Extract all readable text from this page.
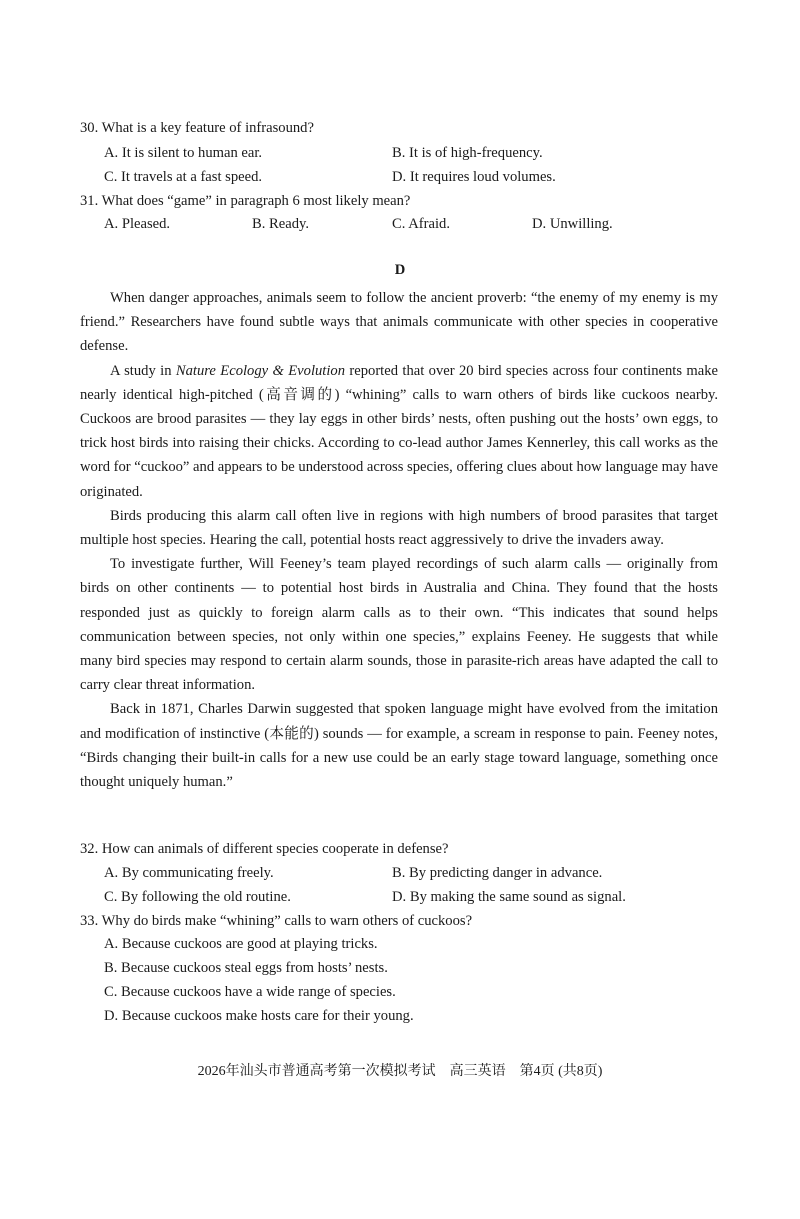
30. What is a key feature of infrasound?
A. It is silent to human ear.	B. It is of high-frequency.
C. It travels at a fast speed.	D. It requires loud volumes.
31. What does “game” in paragraph 6 most likely mean?
A. Pleased.	B. Ready.	C. Afraid.	D. Unwilling.
D

When danger approaches, animals seem to follow the ancient proverb: “the enemy of my enemy is my friend.” Researchers have found subtle ways that animals communicate with other species in cooperative defense.

A study in Nature Ecology & Evolution reported that over 20 bird species across four continents make nearly identical high-pitched (高音调的) “whining” calls to warn others of birds like cuckoos nearby. Cuckoos are brood parasites — they lay eggs in other birds’ nests, often pushing out the hosts’ own eggs, to trick host birds into raising their chicks. According to co-lead author James Kennerley, this call works as the word for “cuckoo” and appears to be understood across species, offering clues about how language may have originated.

Birds producing this alarm call often live in regions with high numbers of brood parasites that target multiple host species. Hearing the call, potential hosts react aggressively to drive the invaders away.

To investigate further, Will Feeney’s team played recordings of such alarm calls — originally from birds on other continents — to potential host birds in Australia and China. They found that the hosts responded just as quickly to foreign alarm calls as to their own. “This indicates that sound helps communication between species, not only within one species,” explains Feeney. He suggests that while many bird species may respond to certain alarm sounds, those in parasite-rich areas have adapted the call to carry clear threat information.

Back in 1871, Charles Darwin suggested that spoken language might have evolved from the imitation and modification of instinctive (本能的) sounds — for example, a scream in response to pain. Feeney notes, “Birds changing their built-in calls for a new use could be an early stage toward language, something once thought uniquely human.”

32. How can animals of different species cooperate in defense?
A. By communicating freely.	B. By predicting danger in advance.
C. By following the old routine.	D. By making the same sound as signal.
33. Why do birds make “whining” calls to warn others of cuckoos?
A. Because cuckoos are good at playing tricks.
B. Because cuckoos steal eggs from hosts’ nests.
C. Because cuckoos have a wide range of species.
D. Because cuckoos make hosts care for their young.
2026年汕头市普通高考第一次模拟考试　高三英语　第4页 (共8页)
